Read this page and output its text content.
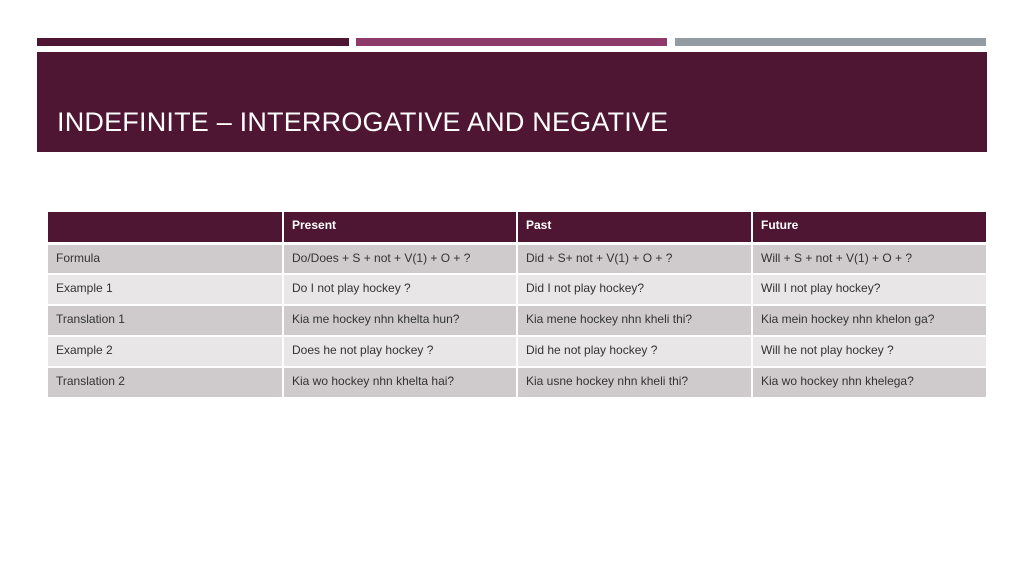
INDEFINITE – INTERROGATIVE AND NEGATIVE
	Present	Past	Future
Formula	Do/Does + S + not + V(1) + O + ?	Did + S+ not + V(1) + O + ?	Will + S + not + V(1) + O + ?
Example 1	Do I not play hockey ?	Did I not play hockey?	Will I not play hockey?
Translation 1	Kia me hockey nhn khelta hun?	Kia mene hockey nhn kheli thi?	Kia mein hockey nhn khelon ga?
Example 2	Does he not play hockey ?	Did he not play hockey ?	Will he not play hockey ?
Translation 2	Kia wo hockey nhn khelta hai?	Kia usne hockey nhn kheli thi?	Kia wo hockey nhn khelega?
